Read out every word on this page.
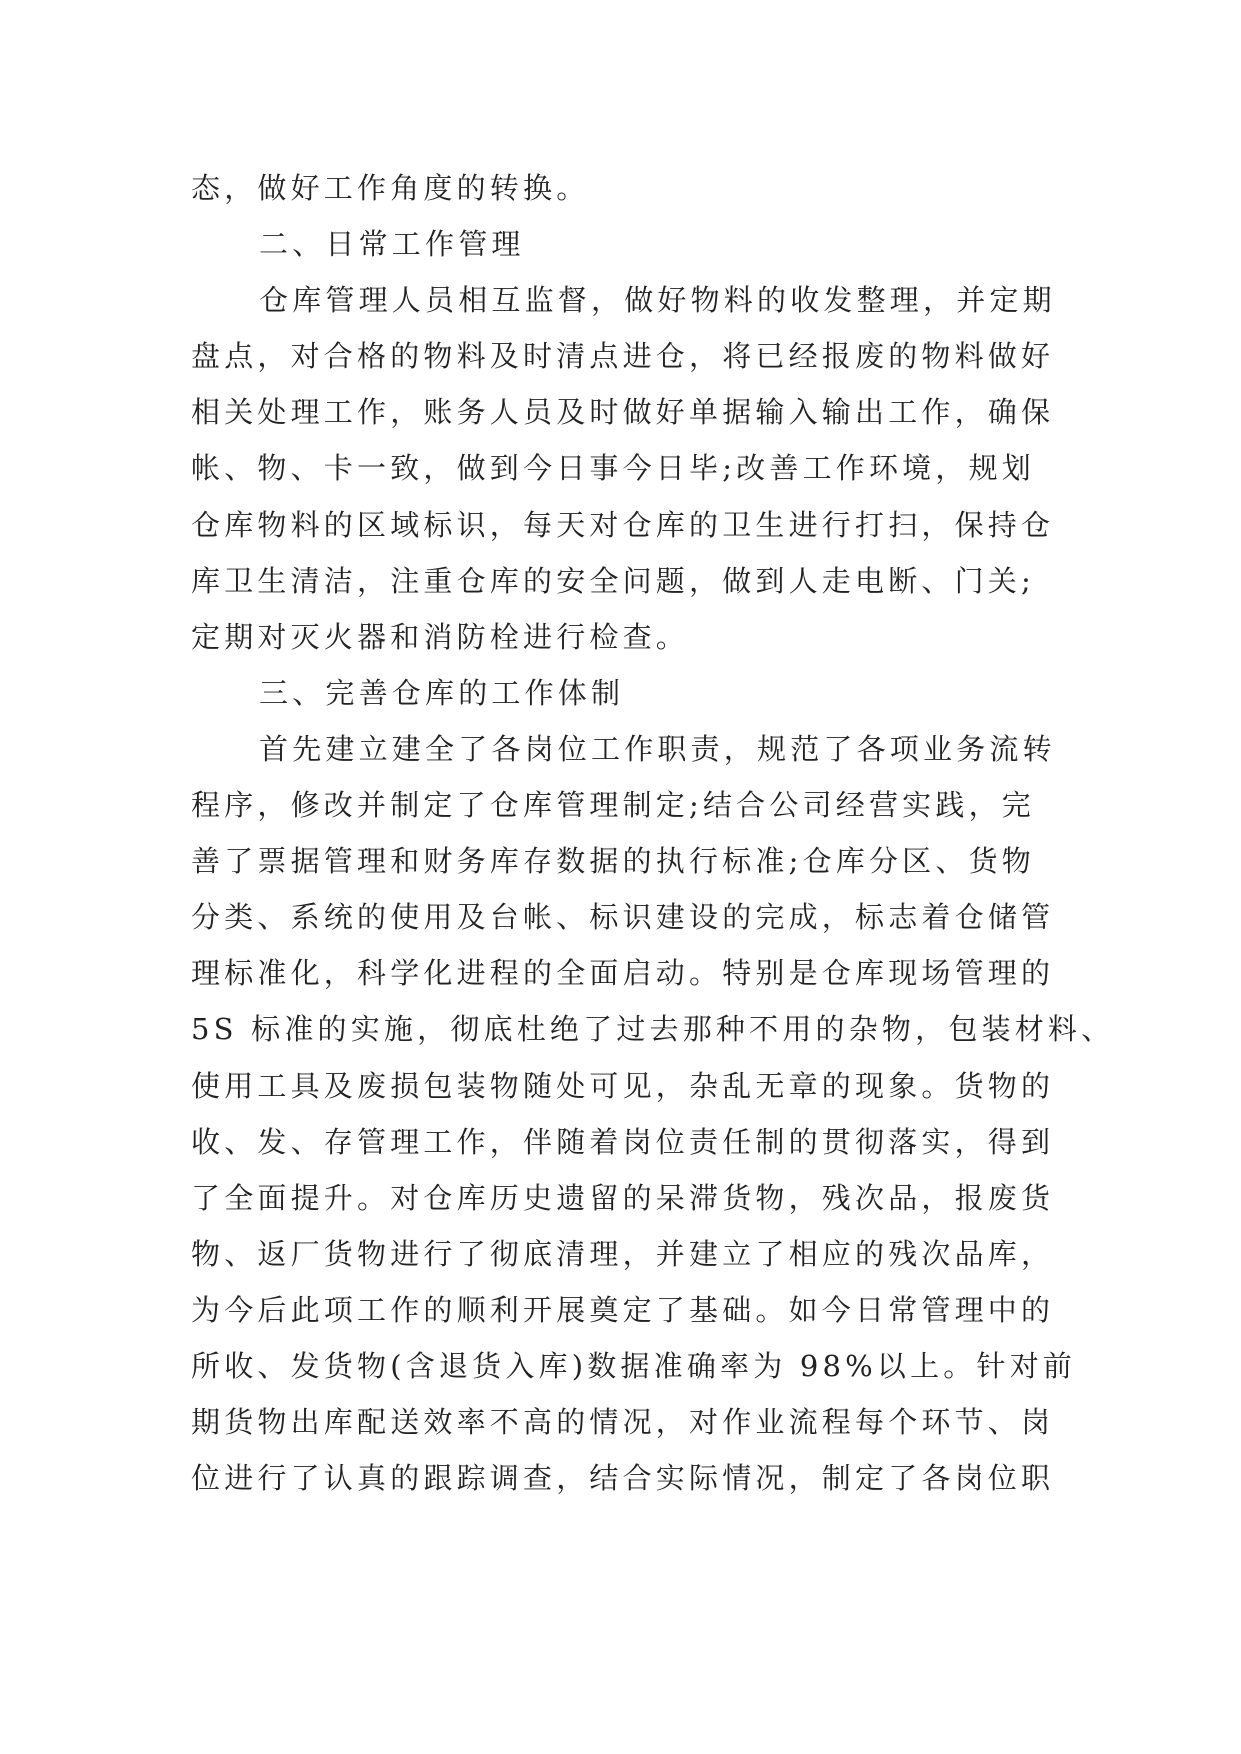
态，做好工作角度的转换。
二、日常工作管理
仓库管理人员相互监督，做好物料的收发整理，并定期
盘点，对合格的物料及时清点进仓，将已经报废的物料做好
相关处理工作，账务人员及时做好单据输入输出工作，确保
帐、物、卡一致，做到今日事今日毕;改善工作环境，规划
仓库物料的区域标识，每天对仓库的卫生进行打扫，保持仓
库卫生清洁，注重仓库的安全问题，做到人走电断、门关;
定期对灭火器和消防栓进行检查。
三、完善仓库的工作体制
首先建立建全了各岗位工作职责，规范了各项业务流转
程序，修改并制定了仓库管理制定;结合公司经营实践，完
善了票据管理和财务库存数据的执行标准;仓库分区、货物
分类、系统的使用及台帐、标识建设的完成，标志着仓储管
理标准化，科学化进程的全面启动。特别是仓库现场管理的
5S 标准的实施，彻底杜绝了过去那种不用的杂物，包装材料、
使用工具及废损包装物随处可见，杂乱无章的现象。货物的
收、发、存管理工作，伴随着岗位责任制的贯彻落实，得到
了全面提升。对仓库历史遗留的呆滞货物，残次品，报废货
物、返厂货物进行了彻底清理，并建立了相应的残次品库，
为今后此项工作的顺利开展奠定了基础。如今日常管理中的
所收、发货物(含退货入库)数据准确率为 98%以上。针对前
期货物出库配送效率不高的情况，对作业流程每个环节、岗
位进行了认真的跟踪调查，结合实际情况，制定了各岗位职
